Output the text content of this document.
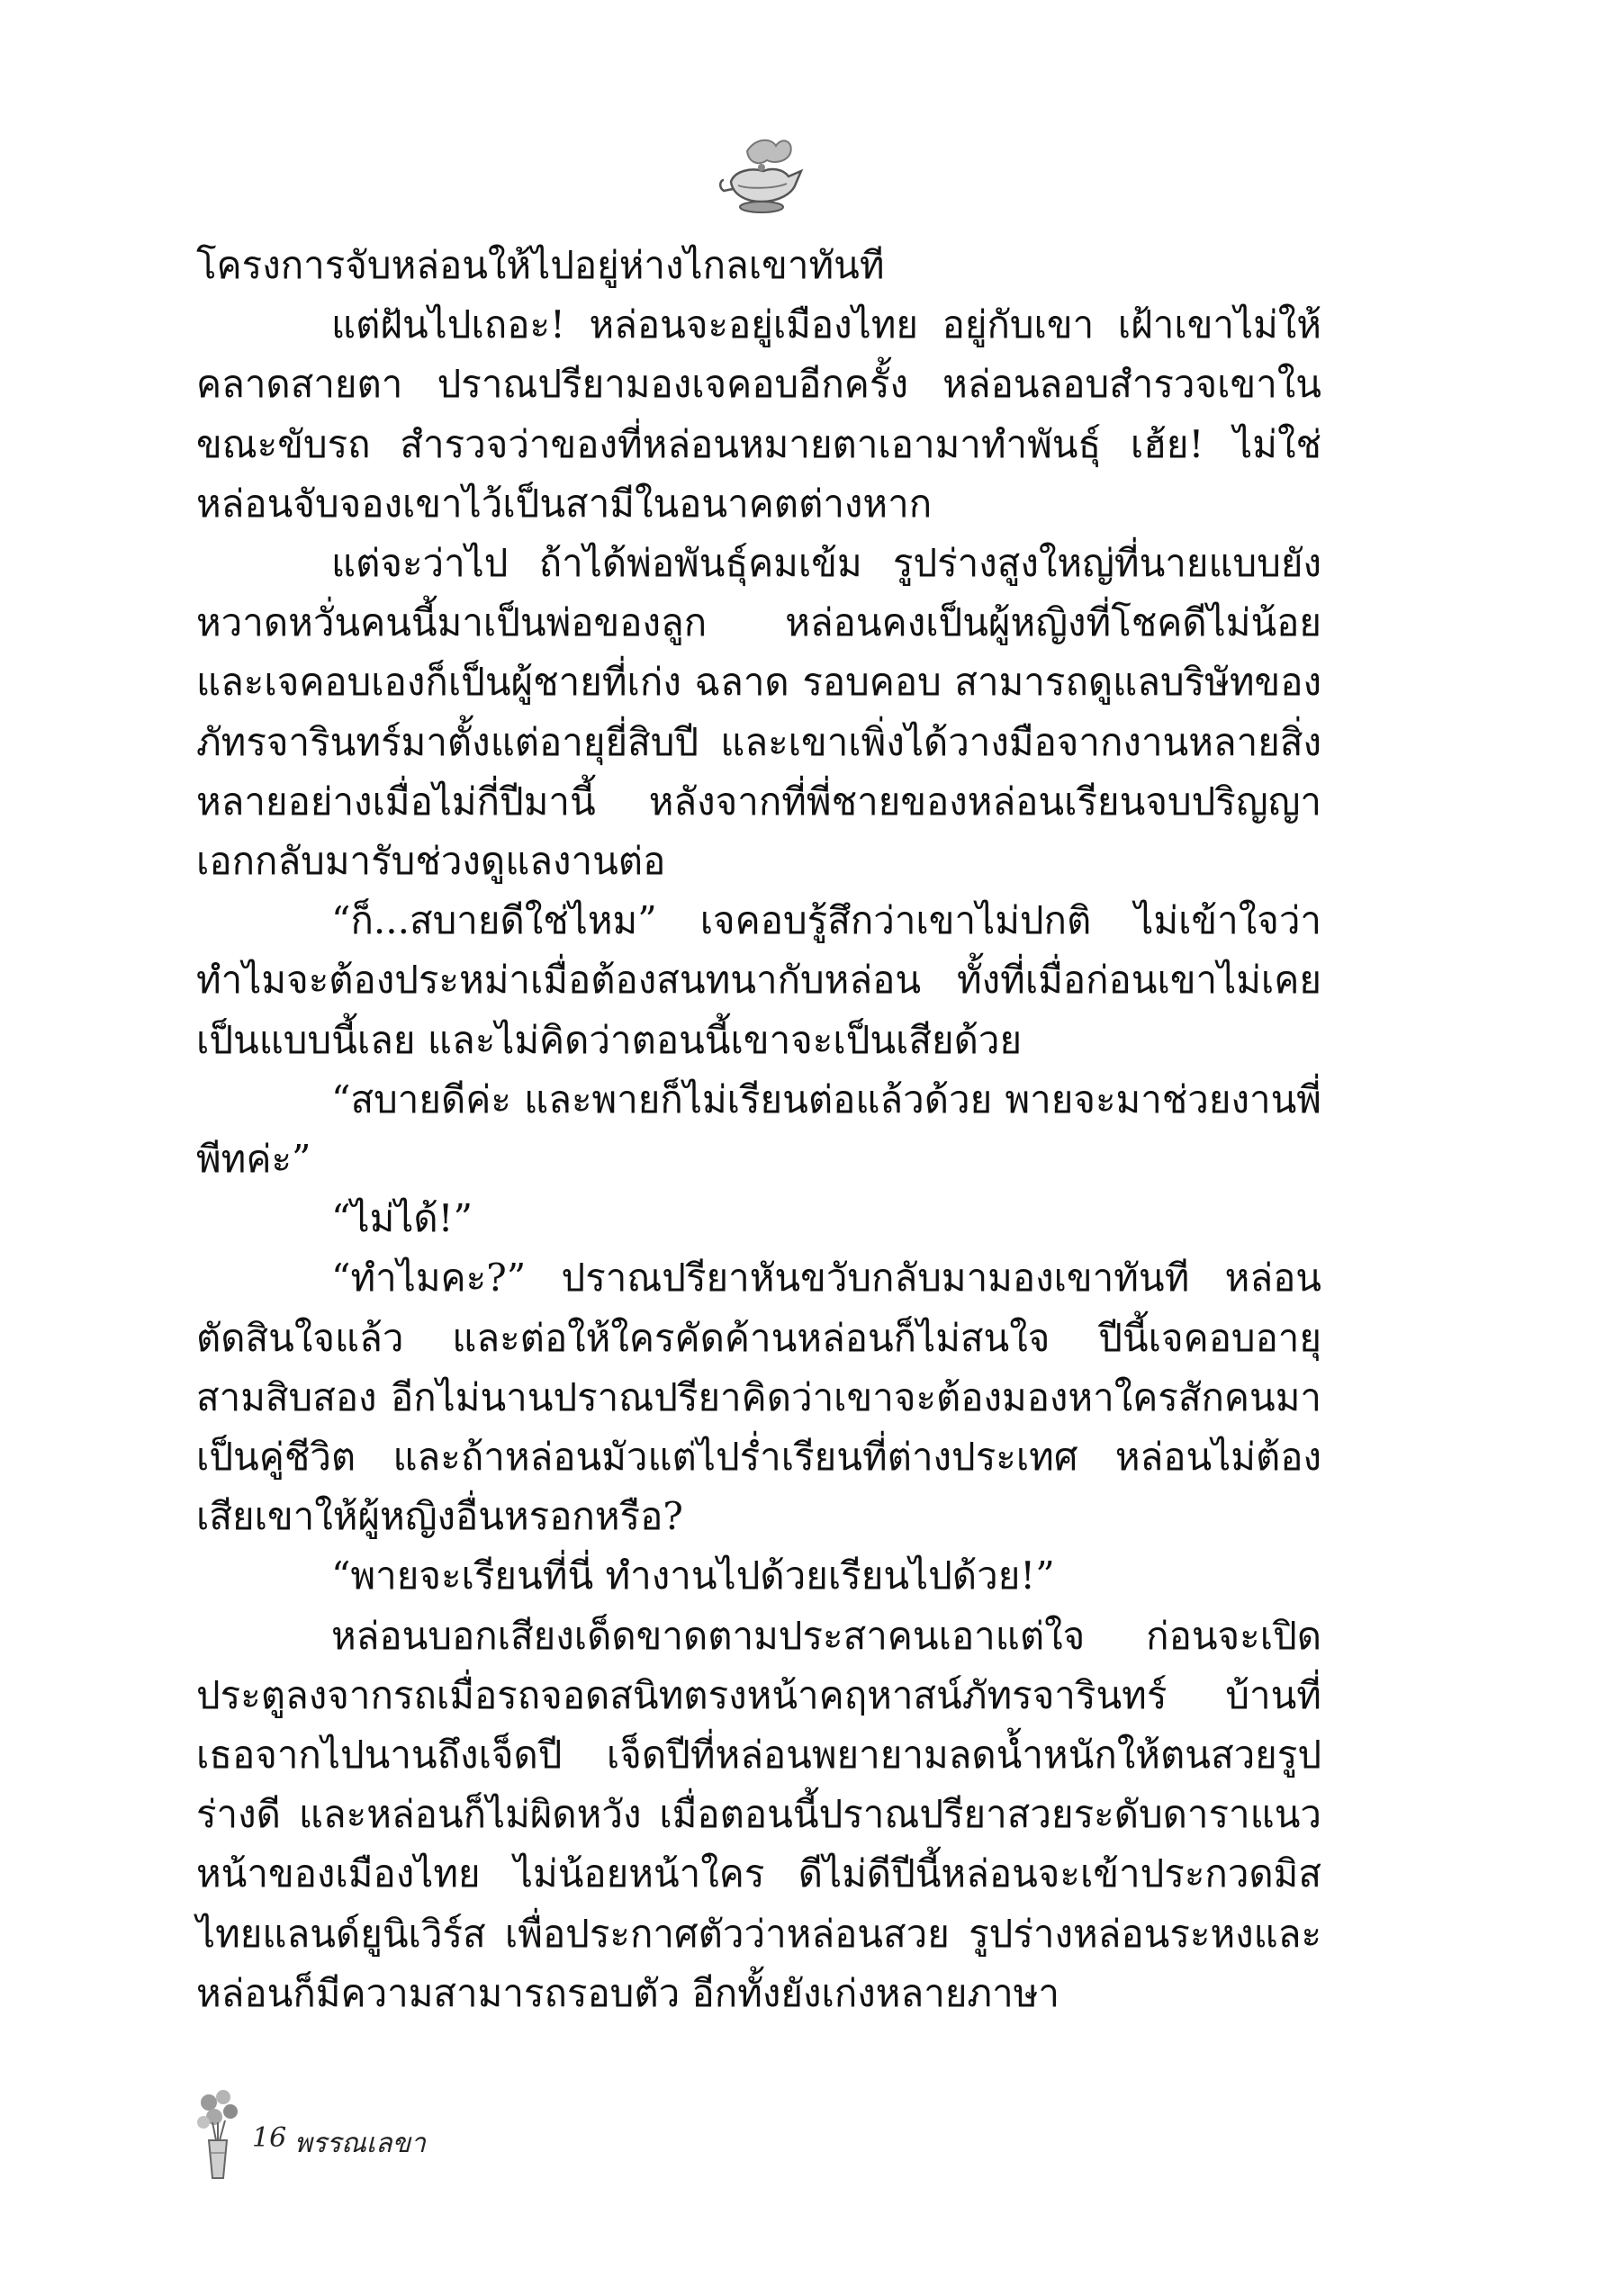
โครงการจับหล่อนให้ไปอยู่ห่างไกลเขาทันที

แต่ฝันไปเถอะ! หล่อนจะอยู่เมืองไทย อยู่กับเขา เฝ้าเขาไม่ให้คลาดสายตา ปราณปรียามองเจคอบอีกครั้ง หล่อนลอบสำรวจเขาในขณะขับรถ สำรวจว่าของที่หล่อนหมายตาเอามาทำพันธุ์ เฮ้ย! ไม่ใช่ หล่อนจับจองเขาไว้เป็นสามีในอนาคตต่างหาก

แต่จะว่าไป ถ้าได้พ่อพันธุ์คมเข้ม รูปร่างสูงใหญ่ที่นายแบบยังหวาดหวั่นคนนี้มาเป็นพ่อของลูก หล่อนคงเป็นผู้หญิงที่โชคดีไม่น้อย และเจคอบเองก็เป็นผู้ชายที่เก่ง ฉลาด รอบคอบ สามารถดูแลบริษัทของภัทรจารินทร์มาตั้งแต่อายุยี่สิบปี และเขาเพิ่งได้วางมือจากงานหลายสิ่งหลายอย่างเมื่อไม่กี่ปีมานี้ หลังจากที่พี่ชายของหล่อนเรียนจบปริญญาเอกกลับมารับช่วงดูแลงานต่อ

“ก็...สบายดีใช่ไหม” เจคอบรู้สึกว่าเขาไม่ปกติ ไม่เข้าใจว่าทำไมจะต้องประหม่าเมื่อต้องสนทนากับหล่อน ทั้งที่เมื่อก่อนเขาไม่เคยเป็นแบบนี้เลย และไม่คิดว่าตอนนี้เขาจะเป็นเสียด้วย

“สบายดีค่ะ และพายก็ไม่เรียนต่อแล้วด้วย พายจะมาช่วยงานพี่พีทค่ะ”

“ไม่ได้!”

“ทำไมคะ?” ปราณปรียาหันขวับกลับมามองเขาทันที หล่อนตัดสินใจแล้ว และต่อให้ใครคัดค้านหล่อนก็ไม่สนใจ ปีนี้เจคอบอายุสามสิบสอง อีกไม่นานปราณปรียาคิดว่าเขาจะต้องมองหาใครสักคนมาเป็นคู่ชีวิต และถ้าหล่อนมัวแต่ไปร่ำเรียนที่ต่างประเทศ หล่อนไม่ต้องเสียเขาให้ผู้หญิงอื่นหรอกหรือ?

“พายจะเรียนที่นี่ ทำงานไปด้วยเรียนไปด้วย!”

หล่อนบอกเสียงเด็ดขาดตามประสาคนเอาแต่ใจ ก่อนจะเปิดประตูลงจากรถเมื่อรถจอดสนิทตรงหน้าคฤหาสน์ภัทรจารินทร์ บ้านที่เธอจากไปนานถึงเจ็ดปี เจ็ดปีที่หล่อนพยายามลดน้ำหนักให้ตนสวยรูปร่างดี และหล่อนก็ไม่ผิดหวัง เมื่อตอนนี้ปราณปรียาสวยระดับดาราแนวหน้าของเมืองไทย ไม่น้อยหน้าใคร ดีไม่ดีปีนี้หล่อนจะเข้าประกวดมิสไทยแลนด์ยูนิเวิร์ส เพื่อประกาศตัวว่าหล่อนสวย รูปร่างหล่อนระหงและหล่อนก็มีความสามารถรอบตัว อีกทั้งยังเก่งหลายภาษา

16 พรรณเลขา
